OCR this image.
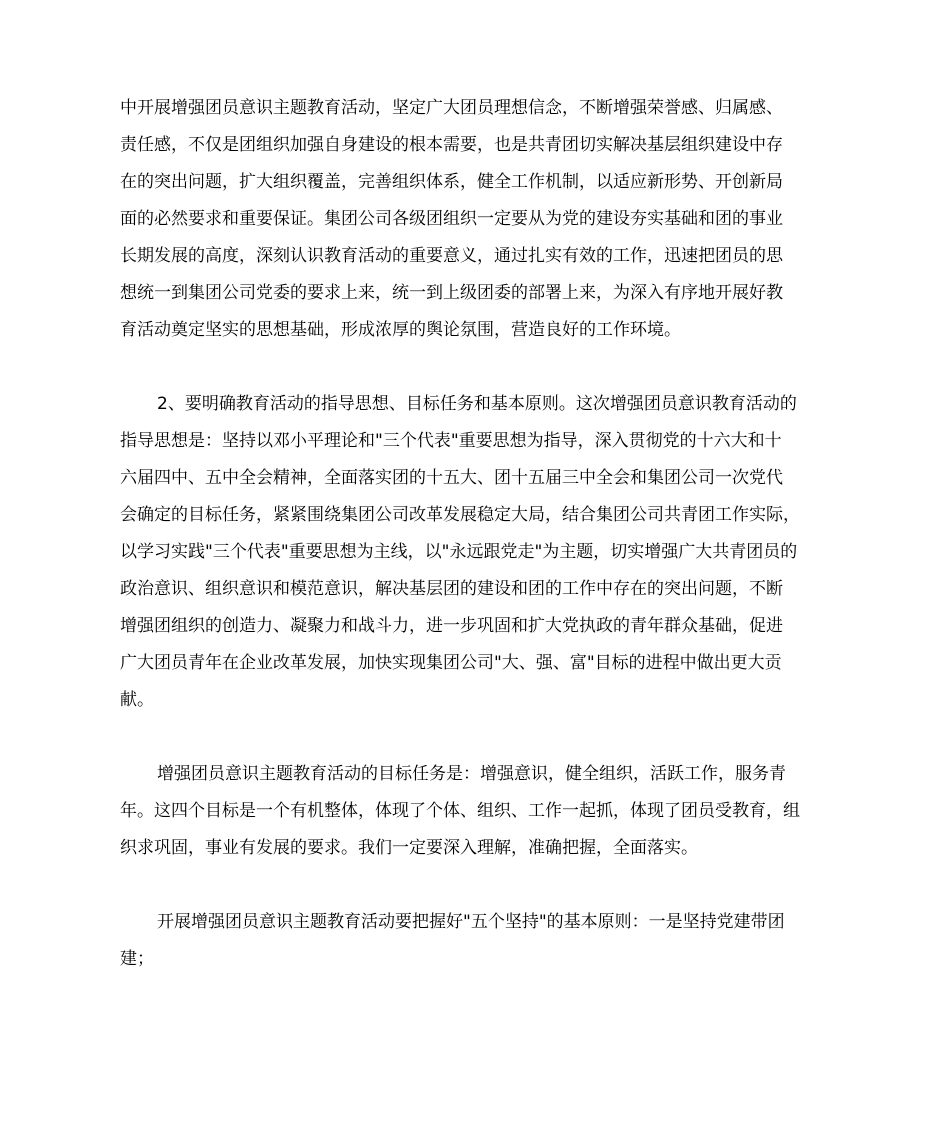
中开展增强团员意识主题教育活动，坚定广大团员理想信念，不断增强荣誉感、归属感、
责任感，不仅是团组织加强自身建设的根本需要，也是共青团切实解决基层组织建设中存
在的突出问题，扩大组织覆盖，完善组织体系，健全工作机制，以适应新形势、开创新局
面的必然要求和重要保证。集团公司各级团组织一定要从为党的建设夯实基础和团的事业
长期发展的高度，深刻认识教育活动的重要意义，通过扎实有效的工作，迅速把团员的思
想统一到集团公司党委的要求上来，统一到上级团委的部署上来，为深入有序地开展好教
育活动奠定坚实的思想基础，形成浓厚的舆论氛围，营造良好的工作环境。
2、要明确教育活动的指导思想、目标任务和基本原则。这次增强团员意识教育活动的
指导思想是：坚持以邓小平理论和"三个代表"重要思想为指导，深入贯彻党的十六大和十
六届四中、五中全会精神，全面落实团的十五大、团十五届三中全会和集团公司一次党代
会确定的目标任务，紧紧围绕集团公司改革发展稳定大局，结合集团公司共青团工作实际，
以学习实践"三个代表"重要思想为主线，以"永远跟党走"为主题，切实增强广大共青团员的
政治意识、组织意识和模范意识，解决基层团的建设和团的工作中存在的突出问题，不断
增强团组织的创造力、凝聚力和战斗力，进一步巩固和扩大党执政的青年群众基础，促进
广大团员青年在企业改革发展，加快实现集团公司"大、强、富"目标的进程中做出更大贡
献。
增强团员意识主题教育活动的目标任务是：增强意识，健全组织，活跃工作，服务青
年。这四个目标是一个有机整体，体现了个体、组织、工作一起抓，体现了团员受教育，组
织求巩固，事业有发展的要求。我们一定要深入理解，准确把握，全面落实。
开展增强团员意识主题教育活动要把握好"五个坚持"的基本原则：一是坚持党建带团
建；
